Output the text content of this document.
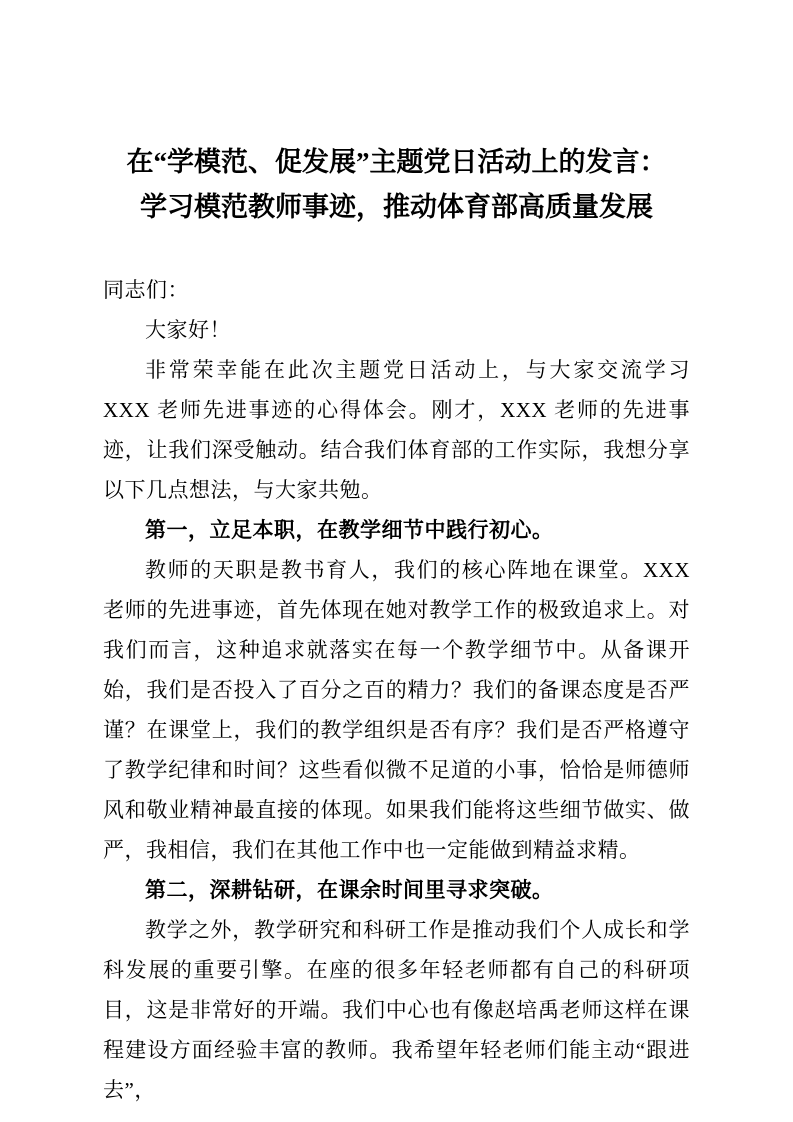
在“学模范、促发展”主题党日活动上的发言：
学习模范教师事迹，推动体育部高质量发展

同志们：

大家好！

非常荣幸能在此次主题党日活动上，与大家交流学习 XXX 老师先进事迹的心得体会。刚才，XXX 老师的先进事迹，让我们深受触动。结合我们体育部的工作实际，我想分享以下几点想法，与大家共勉。

第一，立足本职，在教学细节中践行初心。

教师的天职是教书育人，我们的核心阵地在课堂。XXX 老师的先进事迹，首先体现在她对教学工作的极致追求上。对我们而言，这种追求就落实在每一个教学细节中。从备课开始，我们是否投入了百分之百的精力？我们的备课态度是否严谨？在课堂上，我们的教学组织是否有序？我们是否严格遵守了教学纪律和时间？这些看似微不足道的小事，恰恰是师德师风和敬业精神最直接的体现。如果我们能将这些细节做实、做严，我相信，我们在其他工作中也一定能做到精益求精。

第二，深耕钻研，在课余时间里寻求突破。

教学之外，教学研究和科研工作是推动我们个人成长和学科发展的重要引擎。在座的很多年轻老师都有自己的科研项目，这是非常好的开端。我们中心也有像赵培禹老师这样在课程建设方面经验丰富的教师。我希望年轻老师们能主动“跟进去”，
